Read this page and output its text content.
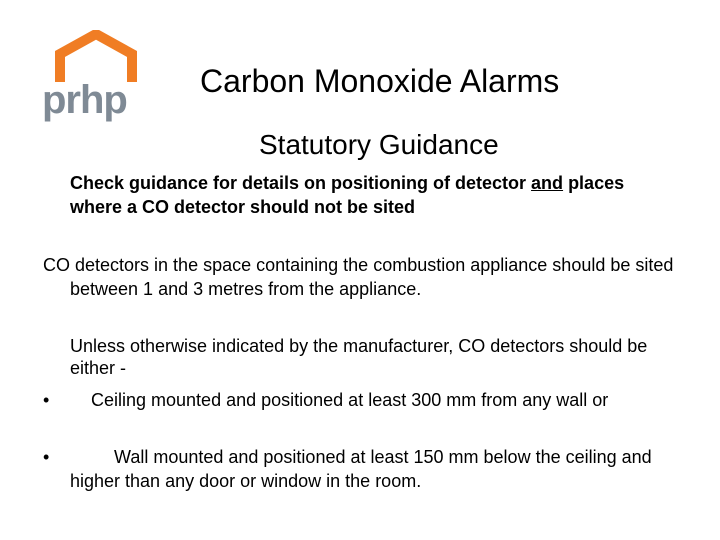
prhp Carbon Monoxide Alarms
Statutory Guidance
Check guidance for details on positioning of detector and places where a CO detector should not be sited
CO detectors in the space containing the combustion appliance should be sited between 1 and 3 metres from the appliance.
Unless otherwise indicated by the manufacturer, CO detectors should be either -
• Ceiling mounted and positioned at least 300 mm from any wall or
•	Wall mounted and positioned at least 150 mm below the ceiling and higher than any door or window in the room.
